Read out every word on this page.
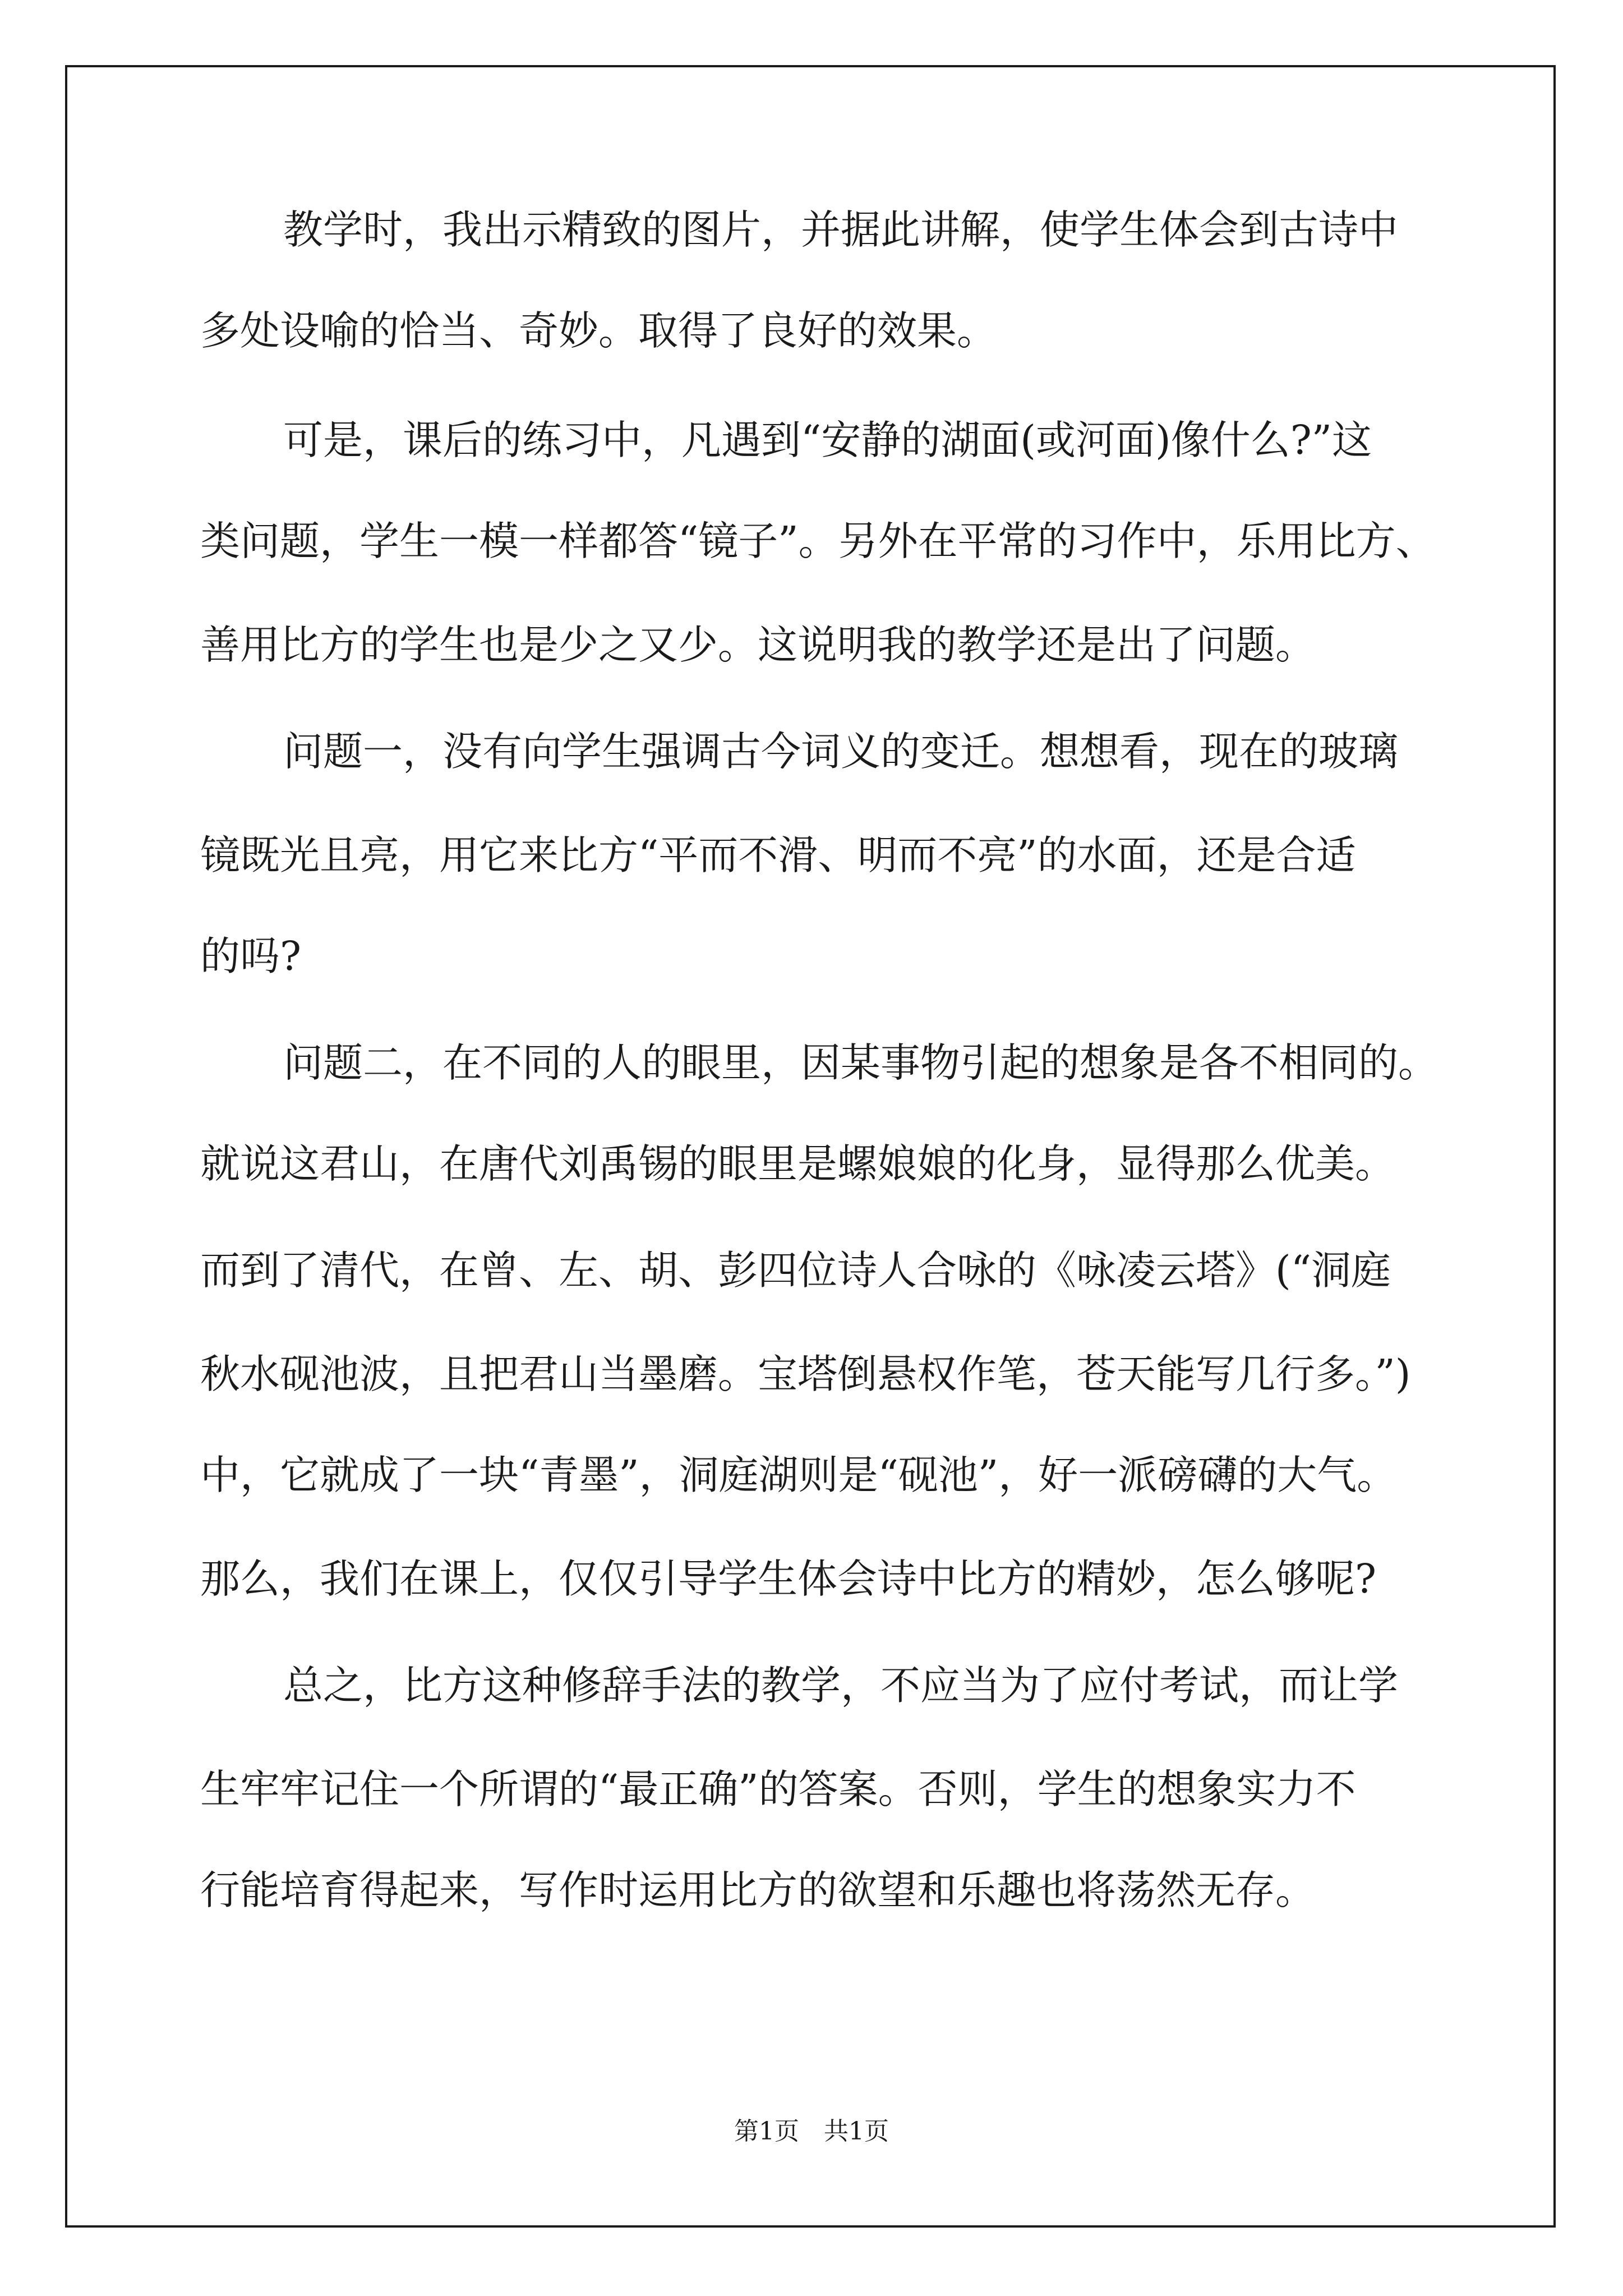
教学时，我出示精致的图片，并据此讲解，使学生体会到古诗中
多处设喻的恰当、奇妙。取得了良好的效果。
可是，课后的练习中，凡遇到“安静的湖面(或河面)像什么?”这
类问题，学生一模一样都答“镜子”。另外在平常的习作中，乐用比方、
善用比方的学生也是少之又少。这说明我的教学还是出了问题。
问题一，没有向学生强调古今词义的变迁。想想看，现在的玻璃
镜既光且亮，用它来比方“平而不滑、明而不亮”的水面，还是合适
的吗?
问题二，在不同的人的眼里，因某事物引起的想象是各不相同的。
就说这君山，在唐代刘禹锡的眼里是螺娘娘的化身，显得那么优美。
而到了清代，在曾、左、胡、彭四位诗人合咏的《咏凌云塔》(“洞庭
秋水砚池波，且把君山当墨磨。宝塔倒悬权作笔，苍天能写几行多。”)
中，它就成了一块“青墨”，洞庭湖则是“砚池”，好一派磅礴的大气。
那么，我们在课上，仅仅引导学生体会诗中比方的精妙，怎么够呢?
总之，比方这种修辞手法的教学，不应当为了应付考试，而让学
生牢牢记住一个所谓的“最正确”的答案。否则，学生的想象实力不
行能培育得起来，写作时运用比方的欲望和乐趣也将荡然无存。
第1页　共1页
